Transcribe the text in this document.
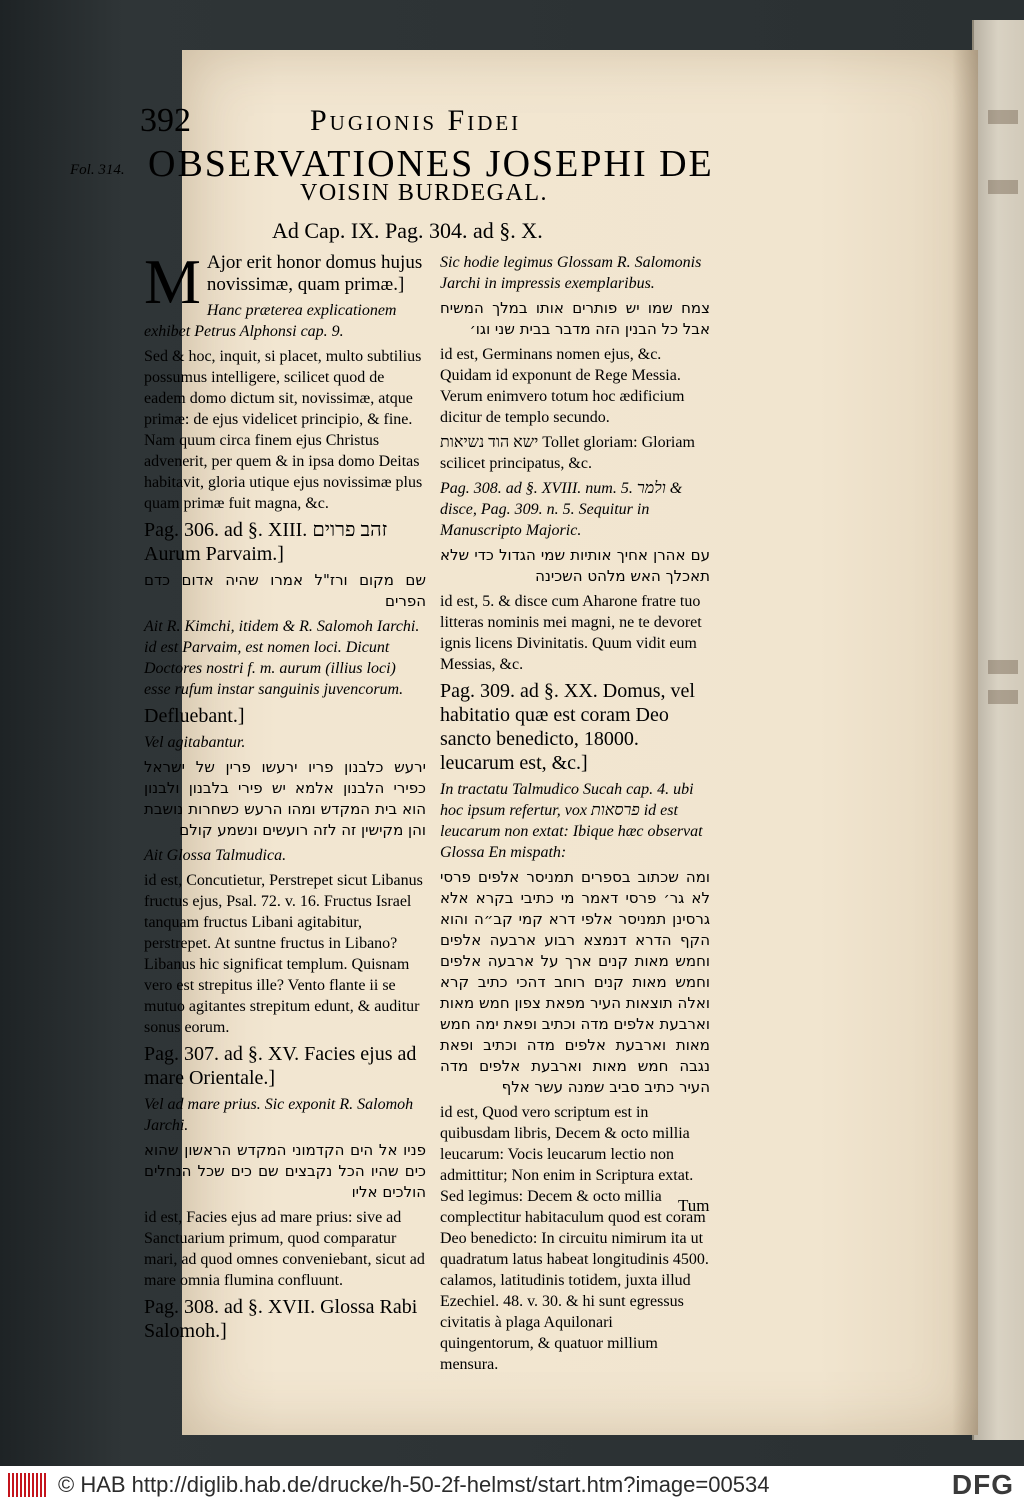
392	Pugionis Fidei
Fol. 314. OBSERVATIONES JOSEPHI DE
VOISIN BURDEGAL.
Ad Cap. IX. Pag. 304. ad §. X.

M Ajor erit honor domus hujus novissimæ, quam primæ.]

Hanc præterea explicationem exhibet Petrus Alphonsi cap. 9.

Sed & hoc, inquit, si placet, multo subtilius possumus intelligere, scilicet quod de eadem domo dictum sit, novissimæ, atque primæ: de ejus videlicet principio, & fine. Nam quum circa finem ejus Christus advenerit, per quem & in ipsa domo Deitas habitavit, gloria utique ejus novissimæ plus quam primæ fuit magna, &c.

Pag. 306. ad §. XIII. זהב פרוים Aurum Parvaim.]

שם מקום ורז"ל אמרו שהיה אדום כדם הפרים

Ait R. Kimchi, itidem & R. Salomoh Iarchi. id est Parvaim, est nomen loci. Dicunt Doctores nostri f. m. aurum (illius loci) esse rufum instar sanguinis juvencorum.

Defluebant.]

Vel agitabantur.

ירעש כלבנון פריו ירעשו פרין של ישראל כפירי הלבנון אלמא יש פירי בלבנון ולבנון הוא בית המקדש ומהו הרעש כשחרות נושבת והן מקישין זה לזה רועשים ונשמע קולם

Ait Glossa Talmudica.

id est, Concutietur, Perstrepet sicut Libanus fructus ejus, Psal. 72. v. 16. Fructus Israel tanquam fructus Libani agitabitur, perstrepet. At suntne fructus in Libano? Libanus hic significat templum. Quisnam vero est strepitus ille? Vento flante ii se mutuo agitantes strepitum edunt, & auditur sonus eorum.

Pag. 307. ad §. XV. Facies ejus ad mare Orientale.]

Vel ad mare prius. Sic exponit R. Salomoh Jarchi.

פניו אל הים הקדמוני המקדש הראשון שהוא כים שהיו הכל נקבצים שם כים שכל הנחלים הולכים אליו

id est, Facies ejus ad mare prius: sive ad Sanctuarium primum, quod comparatur mari, ad quod omnes conveniebant, sicut ad mare omnia flumina confluunt.

Pag. 308. ad §. XVII. Glossa Rabi Salomoh.]

Sic hodie legimus Glossam R. Salomonis Jarchi in impressis exemplaribus.

צמח שמו יש פותרים אותו במלך המשיח אבל כל הבנין הזה מדבר בבית שני וגו׳

id est, Germinans nomen ejus, &c. Quidam id exponunt de Rege Messia. Verum enimvero totum hoc ædificium dicitur de templo secundo.

ישא הוד נשיאות Tollet gloriam: Gloriam scilicet principatus, &c.

Pag. 308. ad §. XVIII. num. 5. ולמר & disce, Pag. 309. n. 5. Sequitur in Manuscripto Majoric.

עם אהרן אחיך אותיות שמי הגדול כדי שלא תאכלך האש מלהט השכינה

id est, 5. & disce cum Aharone fratre tuo litteras nominis mei magni, ne te devoret ignis licens Divinitatis. Quum vidit eum Messias, &c.

Pag. 309. ad §. XX. Domus, vel habitatio quæ est coram Deo sancto benedicto, 18000. leucarum est, &c.]

In tractatu Talmudico Sucah cap. 4. ubi hoc ipsum refertur, vox פרסאות id est leucarum non extat: Ibique hæc observat Glossa En mispath:

ומה שכתוב בספרים תמניסר אלפים פרסי לא גר׳ פרסי דאמר מי כתיבי בקרא אלא גרסינן תמניסר אלפי דרא קמי קב״ה והוא הקף הדרא דנמצא רבוע ארבעה אלפים וחמש מאות קנים ארך על ארבעה אלפים וחמש מאות קנים רוחב דהכי כתיב קרא ואלה תוצאות העיר מפאת צפון חמש מאות וארבעת אלפים מדה וכתיב ופאת ימה חמש מאות וארבעת אלפים מדה וכתיב ופאת נגבה חמש מאות וארבעת אלפים מדה העיר כתיב סביב שמנה עשר אלף

id est, Quod vero scriptum est in quibusdam libris, Decem & octo millia leucarum: Vocis leucarum lectio non admittitur; Non enim in Scriptura extat. Sed legimus: Decem & octo millia complectitur habitaculum quod est coram Deo benedicto: In circuitu nimirum ita ut quadratum latus habeat longitudinis 4500. calamos, latitudinis totidem, juxta illud Ezechiel. 48. v. 30. & hi sunt egressus civitatis à plaga Aquilonari quingentorum, & quatuor millium mensura.

Tum
© HAB http://diglib.hab.de/drucke/h-50-2f-helmst/start.htm?image=00534	DFG
